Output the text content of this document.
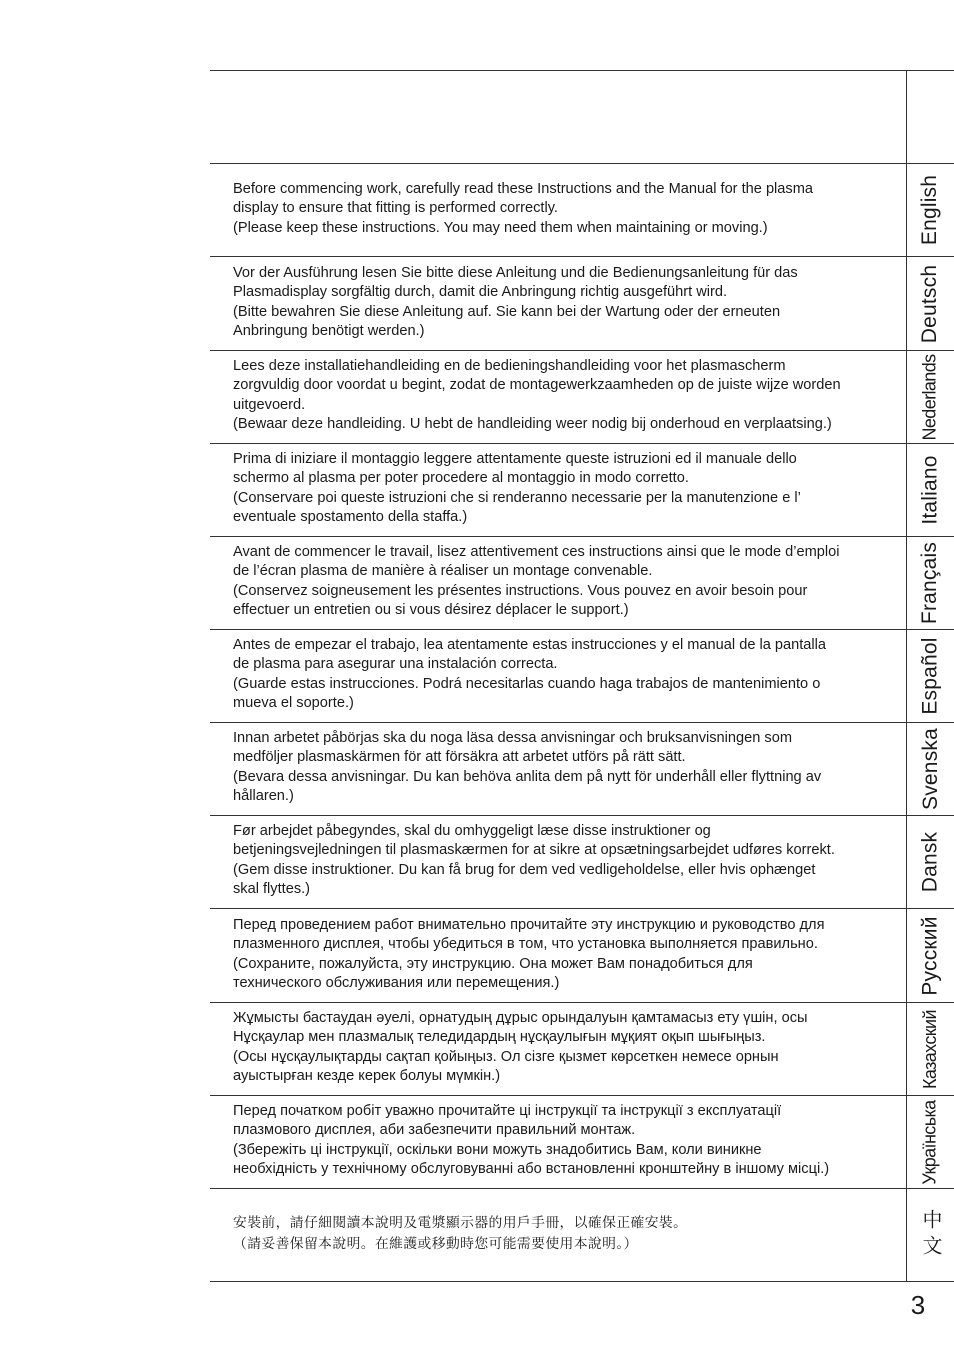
Before commencing work, carefully read these Instructions and the Manual for the plasma

display to ensure that fitting is performed correctly.

(Please keep these instructions. You may need them when maintaining or moving.)	English

Vor der Ausführung lesen Sie bitte diese Anleitung und die Bedienungsanleitung für das

Plasmadisplay sorgfältig durch, damit die Anbringung richtig ausgeführt wird.

(Bitte bewahren Sie diese Anleitung auf. Sie kann bei der Wartung oder der erneuten

Anbringung benötigt werden.)	Deutsch

Lees deze installatiehandleiding en de bedieningshandleiding voor het plasmascherm

zorgvuldig door voordat u begint, zodat de montagewerkzaamheden op de juiste wijze worden

uitgevoerd.

(Bewaar deze handleiding. U hebt de handleiding weer nodig bij onderhoud en verplaatsing.)	Nederlands

Prima di iniziare il montaggio leggere attentamente queste istruzioni ed il manuale dello

schermo al plasma per poter procedere al montaggio in modo corretto.

(Conservare poi queste istruzioni che si renderanno necessarie per la manutenzione e l’

eventuale spostamento della staffa.)	Italiano

Avant de commencer le travail, lisez attentivement ces instructions ainsi que le mode d’emploi

de l’écran plasma de manière à réaliser un montage convenable.

(Conservez soigneusement les présentes instructions. Vous pouvez en avoir besoin pour

effectuer un entretien ou si vous désirez déplacer le support.)	Français

Antes de empezar el trabajo, lea atentamente estas instrucciones y el manual de la pantalla

de plasma para asegurar una instalación correcta.

(Guarde estas instrucciones. Podrá necesitarlas cuando haga trabajos de mantenimiento o

mueva el soporte.)	Español

Innan arbetet påbörjas ska du noga läsa dessa anvisningar och bruksanvisningen som

medföljer plasmaskärmen för att försäkra att arbetet utförs på rätt sätt.

(Bevara dessa anvisningar. Du kan behöva anlita dem på nytt för underhåll eller flyttning av

hållaren.)	Svenska

Før arbejdet påbegyndes, skal du omhyggeligt læse disse instruktioner og

betjeningsvejledningen til plasmaskærmen for at sikre at opsætningsarbejdet udføres korrekt.

(Gem disse instruktioner. Du kan få brug for dem ved vedligeholdelse, eller hvis ophænget

skal flyttes.)	Dansk

Перед проведением работ внимательно прочитайте эту инструкцию и руководство для

плазменного дисплея, чтобы убедиться в том, что установка выполняется правильно.

(Сохраните, пожалуйста, эту инструкцию. Она может Вам понадобиться для

технического обслуживания или перемещения.)	Русский

Жұмысты бастаудан әуелі, орнатудың дұрыс орындалуын қамтамасыз ету үшін, осы

Нұсқаулар мен плазмалық теледидардың нұсқаулығын мұқият оқып шығыңыз.

(Осы нұсқаулықтарды сақтап қойыңыз. Ол сізге қызмет көрсеткен немесе орнын

ауыстырған кезде керек болуы мүмкін.)	Казахский

Перед початком робіт уважно прочитайте ці інструкції та інструкції з експлуатації

плазмового дисплея, аби забезпечити правильний монтаж.

(Збережіть ці інструкції, оскільки вони можуть знадобитись Вам, коли виникне

необхідність у технічному обслуговуванні або встановленні кронштейну в іншому місці.)	Українська

安裝前，請仔細閱讀本說明及電漿顯示器的用戶手冊，以確保正確安裝。

（請妥善保留本說明。在維護或移動時您可能需要使用本說明。）	中文
3
